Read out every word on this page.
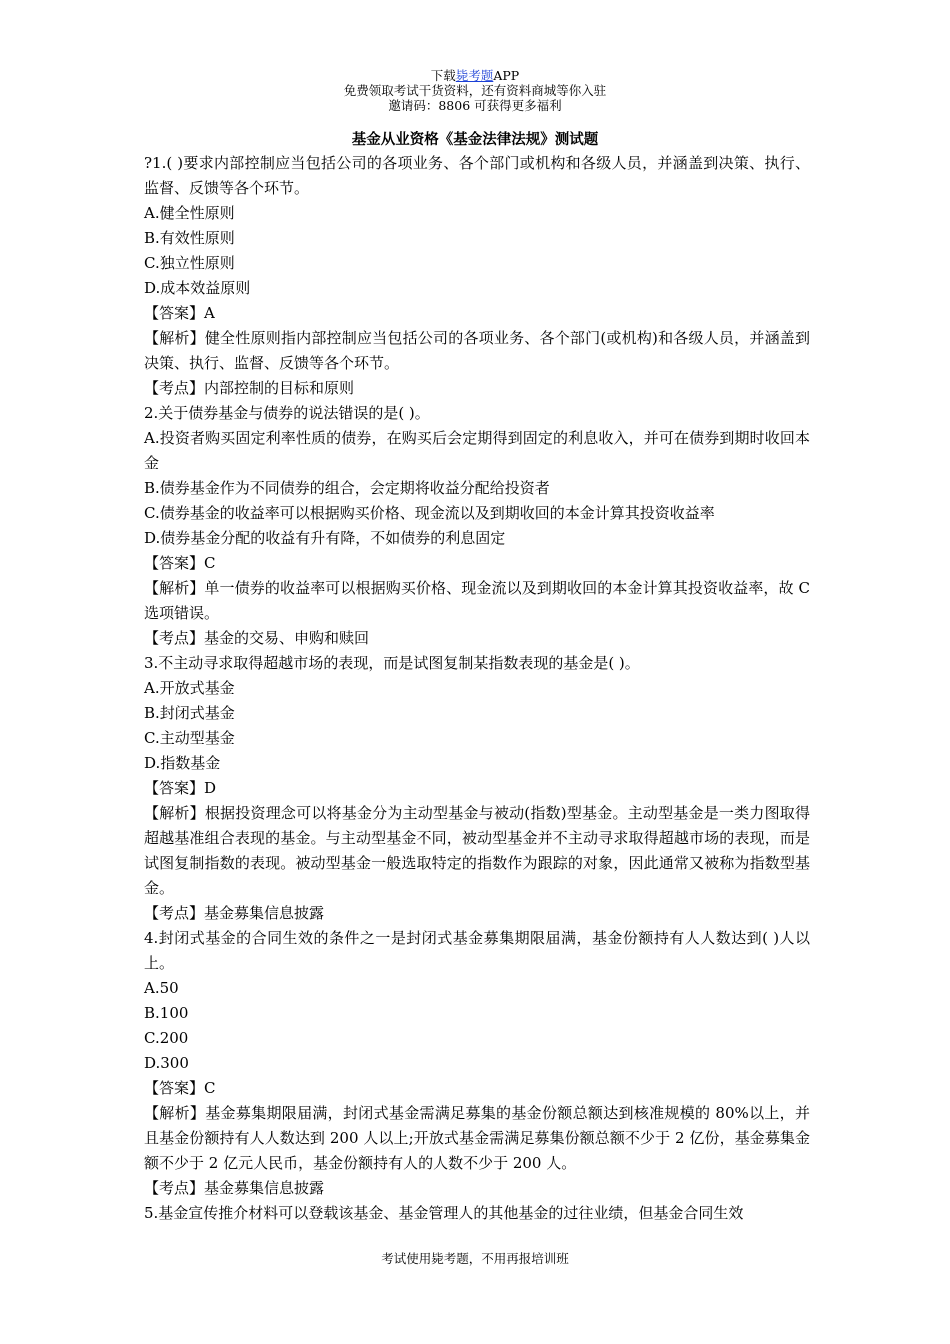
下载毙考题APP
免费领取考试干货资料，还有资料商城等你入驻
邀请码：8806 可获得更多福利
基金从业资格《基金法律法规》测试题

?1.( )要求内部控制应当包括公司的各项业务、各个部门或机构和各级人员，并涵盖到决策、执行、监督、反馈等各个环节。

A.健全性原则

B.有效性原则

C.独立性原则

D.成本效益原则

【答案】A

【解析】健全性原则指内部控制应当包括公司的各项业务、各个部门(或机构)和各级人员，并涵盖到决策、执行、监督、反馈等各个环节。

【考点】内部控制的目标和原则

2.关于债券基金与债券的说法错误的是( )。

A.投资者购买固定利率性质的债券，在购买后会定期得到固定的利息收入，并可在债券到期时收回本金

B.债券基金作为不同债券的组合，会定期将收益分配给投资者

C.债券基金的收益率可以根据购买价格、现金流以及到期收回的本金计算其投资收益率

D.债券基金分配的收益有升有降，不如债券的利息固定

【答案】C

【解析】单一债券的收益率可以根据购买价格、现金流以及到期收回的本金计算其投资收益率，故 C 选项错误。

【考点】基金的交易、申购和赎回

3.不主动寻求取得超越市场的表现，而是试图复制某指数表现的基金是( )。

A.开放式基金

B.封闭式基金

C.主动型基金

D.指数基金

【答案】D

【解析】根据投资理念可以将基金分为主动型基金与被动(指数)型基金。主动型基金是一类力图取得超越基准组合表现的基金。与主动型基金不同，被动型基金并不主动寻求取得超越市场的表现，而是试图复制指数的表现。被动型基金一般选取特定的指数作为跟踪的对象，因此通常又被称为指数型基金。

【考点】基金募集信息披露

4.封闭式基金的合同生效的条件之一是封闭式基金募集期限届满，基金份额持有人人数达到( )人以上。

A.50

B.100

C.200

D.300

【答案】C

【解析】基金募集期限届满，封闭式基金需满足募集的基金份额总额达到核准规模的 80%以上，并且基金份额持有人人数达到 200 人以上;开放式基金需满足募集份额总额不少于 2 亿份，基金募集金额不少于 2 亿元人民币，基金份额持有人的人数不少于 200 人。

【考点】基金募集信息披露

5.基金宣传推介材料可以登载该基金、基金管理人的其他基金的过往业绩，但基金合同生效

考试使用毙考题，不用再报培训班
